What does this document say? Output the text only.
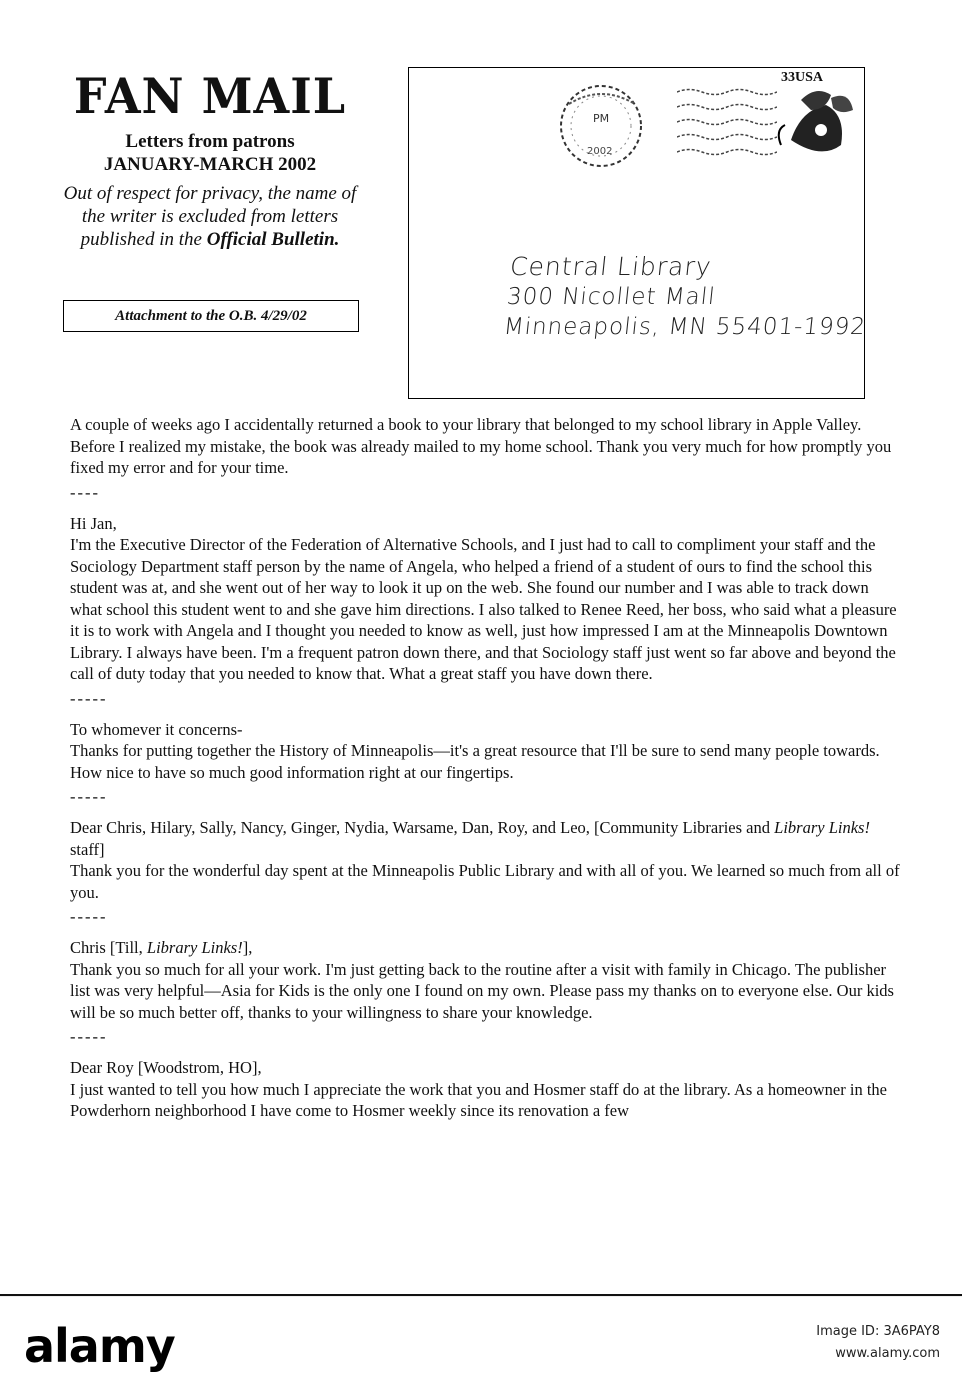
FAN MAIL
Letters from patrons
JANUARY-MARCH 2002
Out of respect for privacy, the name of the writer is excluded from letters published in the Official Bulletin.
Attachment to the O.B. 4/29/02
PM
2002
33USA
Central Library
300 Nicollet Mall
Minneapolis, MN 55401-1992

A couple of weeks ago I accidentally returned a book to your library that belonged to my school library in Apple Valley. Before I realized my mistake, the book was already mailed to my home school. Thank you very much for how promptly you fixed my error and for your time.

----

Hi Jan,

I'm the Executive Director of the Federation of Alternative Schools, and I just had to call to compliment your staff and the Sociology Department staff person by the name of Angela, who helped a friend of a student of ours to find the school this student was at, and she went out of her way to look it up on the web. She found our number and I was able to track down what school this student went to and she gave him directions. I also talked to Renee Reed, her boss, who said what a pleasure it is to work with Angela and I thought you needed to know as well, just how impressed I am at the Minneapolis Downtown Library. I always have been. I'm a frequent patron down there, and that Sociology staff just went so far above and beyond the call of duty today that you needed to know that. What a great staff you have down there.

-----

To whomever it concerns-

Thanks for putting together the History of Minneapolis—it's a great resource that I'll be sure to send many people towards. How nice to have so much good information right at our fingertips.

-----

Dear Chris, Hilary, Sally, Nancy, Ginger, Nydia, Warsame, Dan, Roy, and Leo, [Community Libraries and Library Links! staff]

Thank you for the wonderful day spent at the Minneapolis Public Library and with all of you. We learned so much from all of you.

-----

Chris [Till, Library Links!],

Thank you so much for all your work. I'm just getting back to the routine after a visit with family in Chicago. The publisher list was very helpful—Asia for Kids is the only one I found on my own. Please pass my thanks on to everyone else. Our kids will be so much better off, thanks to your willingness to share your knowledge.

-----

Dear Roy [Woodstrom, HO],

I just wanted to tell you how much I appreciate the work that you and Hosmer staff do at the library. As a homeowner in the Powderhorn neighborhood I have come to Hosmer weekly since its renovation a few

alamy	Image ID: 3A6PAY8
www.alamy.com
